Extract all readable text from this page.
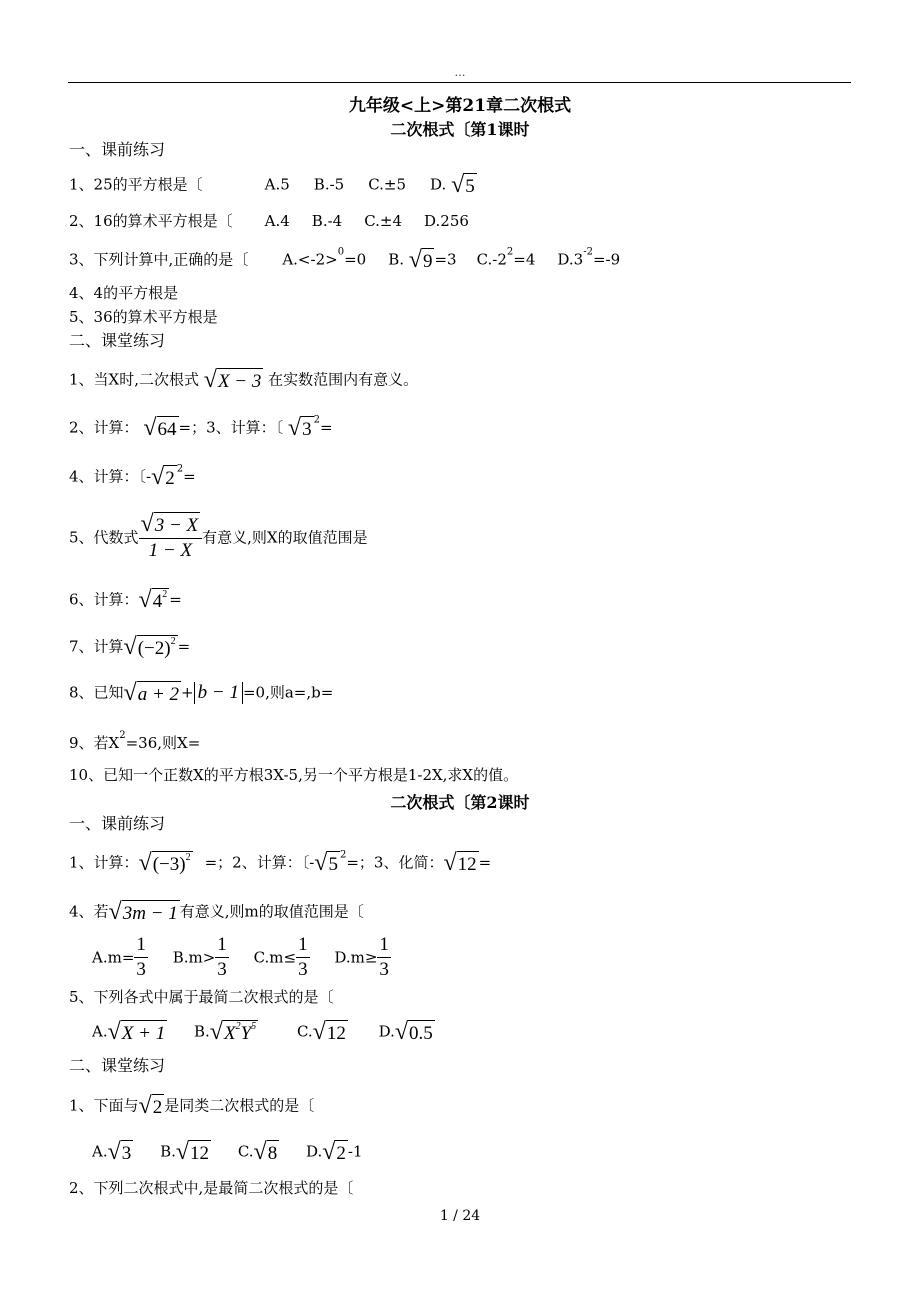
…
九年级<上>第21章二次根式
二次根式〔第1课时
一、课前练习
1、25的平方根是〔	A.5 B.-5 C.±5 D. √ 5
2、16的算术平方根是〔 A.4 B.-4 C.±4 D.256
3、下列计算中,正确的是〔 A.<-2>$^0$=0 B. √ 9 =3 $C.-2^2=4$ $D.3^{-2}=-9$
4、4的平方根是
5、36的算术平方根是
二、课堂练习
1、当X时,二次根式 √ X − 3 在实数范围内有意义。
2、计算： √ 64 =；3、计算：〔 √ 3 $^2$=
4、计算：〔- √ 2 $^2$=
5、代数式 $\frac{√ 3 - X}{1 - X}$ 有意义,则X的取值范围是
6、计算： √ $4^2$ =
7、计算 √ $(-2)^2$ =
8、已知 √ a + 2 + b − 1 =0,则a=,b=
9、若$X^2=36$,则X=
10、已知一个正数X的平方根3X-5,另一个平方根是1-2X,求X的值。
二次根式〔第2课时
一、课前练习
1、计算： √ $(-3)^2$ =；2、计算：〔- √ 5 $^2$=；3、化简： √ 12 =
4、若 √ 3m − 1 有意义,则m的取值范围是〔
$A.m= \frac{1}{3} B.m> \frac{1}{3} C.m\le \frac{1}{3} D.m\ge \frac{1}{3}$
5、下列各式中属于最简二次根式的是〔
A. √ X + 1 B. √ $X^2Y^5$	C. √ 12 D. √ 0.5
二、课堂练习
1、下面与 √ 2 是同类二次根式的是〔
A. √ 3 B. √ 12 C. √ 8 D. √ 2 -1
2、下列二次根式中,是最简二次根式的是〔
1 / 24
